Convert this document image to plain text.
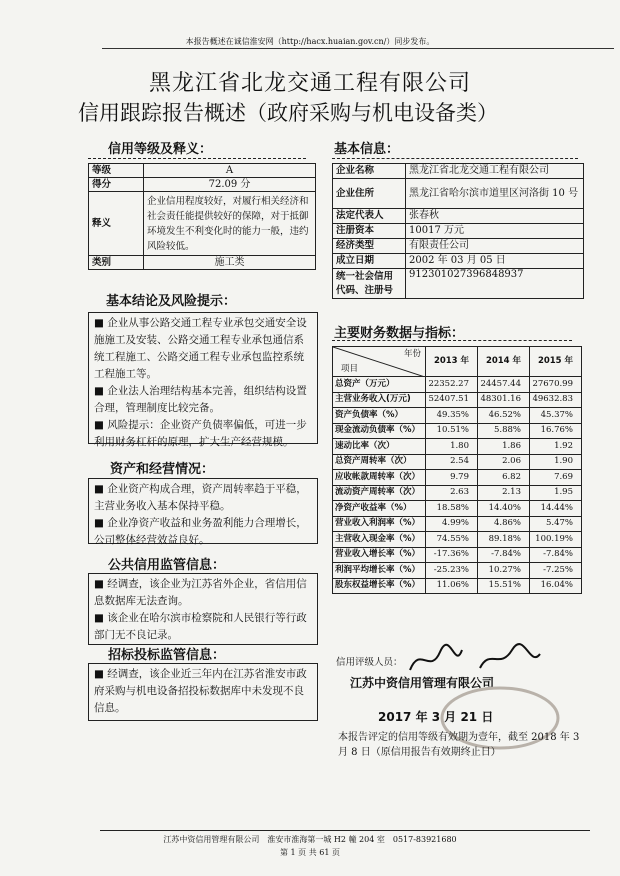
本报告概述在诚信淮安网（http://hacx.huaian.gov.cn/）同步发布。
黑龙江省北龙交通工程有限公司
信用跟踪报告概述（政府采购与机电设备类）
信用等级及释义：
等级	A
得分	72.09 分
释义	企业信用程度较好，对履行相关经济和社会责任能提供较好的保障，对于抵御环境发生不利变化时的能力一般，违约风险较低。
类别	施工类
基本信息：
企业名称	黑龙江省北龙交通工程有限公司
企业住所	黑龙江省哈尔滨市道里区河洛街 10 号
法定代表人	张春秋
注册资本	10017 万元
经济类型	有限责任公司
成立日期	2002 年 03 月 05 日
统一社会信用代码、注册号	912301027396848937
基本结论及风险提示：

■ 企业从事公路交通工程专业承包交通安全设施施工及安装、公路交通工程专业承包通信系统工程施工、公路交通工程专业承包监控系统工程施工等。

■ 企业法人治理结构基本完善，组织结构设置合理，管理制度比较完备。

■ 风险提示：企业资产负债率偏低，可进一步利用财务杠杆的原理，扩大生产经营规模。

资产和经营情况：

■ 企业资产构成合理，资产周转率趋于平稳，主营业务收入基本保持平稳。

■ 企业净资产收益和业务盈利能力合理增长，公司整体经营效益良好。

公共信用监管信息：

■ 经调查，该企业为江苏省外企业，省信用信息数据库无法查询。

■ 该企业在哈尔滨市检察院和人民银行等行政部门无不良记录。

招标投标监管信息：

■ 经调查，该企业近三年内在江苏省淮安市政府采购与机电设备招投标数据库中未发现不良信息。

主要财务数据与指标：
年份
项目	2013 年	2014 年	2015 年
总资产（万元）	22352.27	24457.44	27670.99
主营业务收入(万元)	52407.51	48301.16	49632.83
资产负债率（%）	49.35%	46.52%	45.37%
现金流动负债率（%）	10.51%	5.88%	16.76%
速动比率（次）	1.80	1.86	1.92
总资产周转率（次）	2.54	2.06	1.90
应收帐款周转率（次）	9.79	6.82	7.69
流动资产周转率（次）	2.63	2.13	1.95
净资产收益率（%）	18.58%	14.40%	14.44%
营业收入利润率（%）	4.99%	4.86%	5.47%
主营收入现金率（%）	74.55%	89.18%	100.19%
营业收入增长率（%）	-17.36%	-7.84%	-7.84%
利润平均增长率（%）	-25.23%	10.27%	-7.25%
股东权益增长率（%）	11.06%	15.51%	16.04%
信用评级人员：
江苏中资信用管理有限公司
2017 年 3 月 21 日
本报告评定的信用等级有效期为壹年，截至 2018 年 3 月 8 日（原信用报告有效期终止日）
江苏中资信用管理有限公司　淮安市淮海第一城 H2 幢 204 室　0517-83921680
第 1 页 共 61 页
